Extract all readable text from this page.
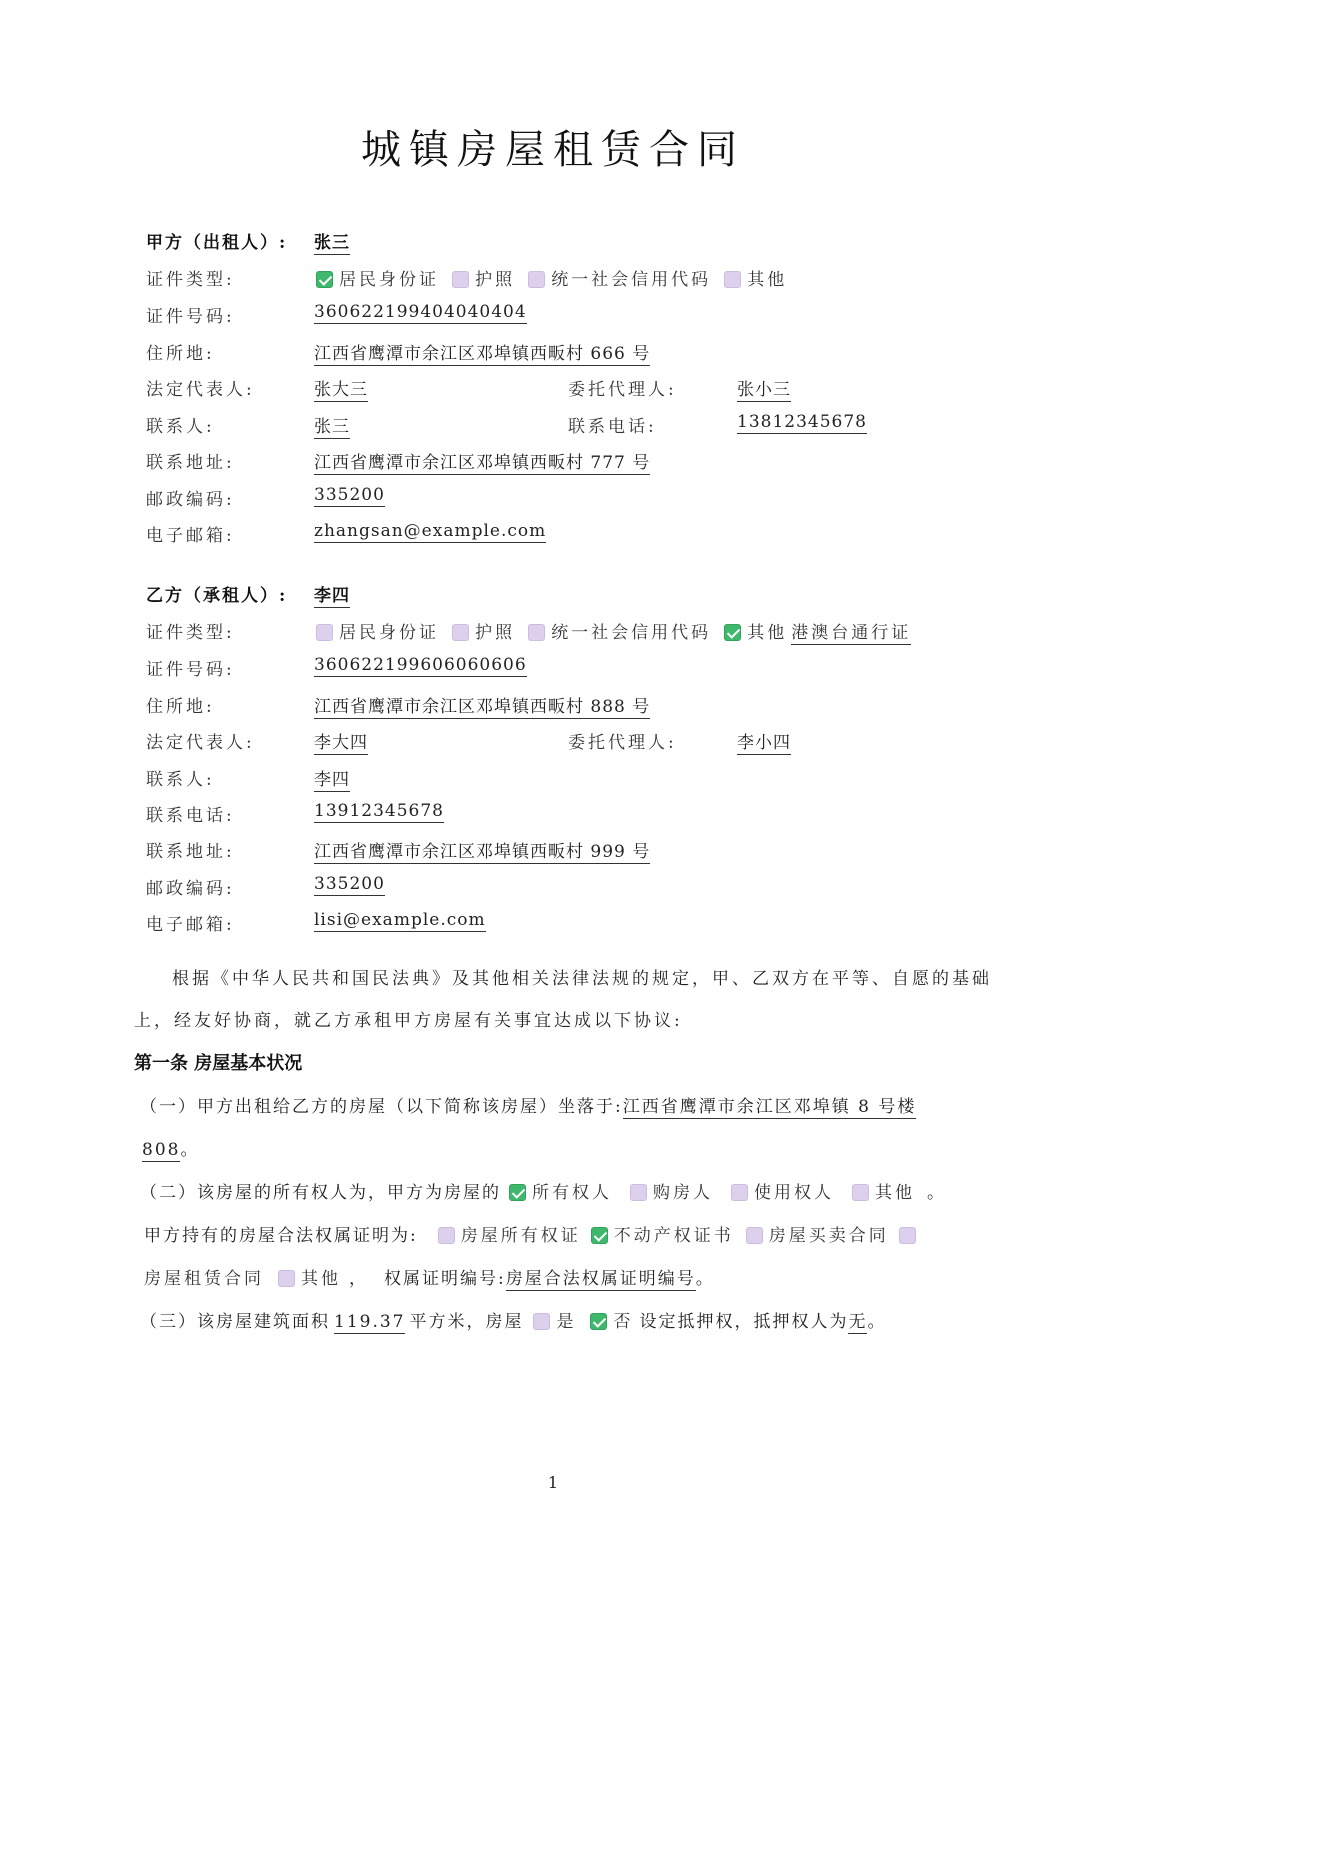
城镇房屋租赁合同
甲方（出租人）: 张三
证件类型:	居民身份证 护照 统一社会信用代码 其他
证件号码:	360622199404040404
住所地:	江西省鹰潭市余江区邓埠镇西畈村 666 号
法定代表人:	张大三	委托代理人:	张小三
联系人:	张三	联系电话:	13812345678
联系地址:	江西省鹰潭市余江区邓埠镇西畈村 777 号
邮政编码:	335200
电子邮箱:	zhangsan@example.com
乙方（承租人）: 李四
证件类型:	居民身份证 护照 统一社会信用代码 其他 港澳台通行证
证件号码:	360622199606060606
住所地:	江西省鹰潭市余江区邓埠镇西畈村 888 号
法定代表人:	李大四	委托代理人:	李小四
联系人:	李四
联系电话:	13912345678
联系地址:	江西省鹰潭市余江区邓埠镇西畈村 999 号
邮政编码:	335200
电子邮箱:	lisi@example.com
根据《中华人民共和国民法典》及其他相关法律法规的规定，甲、乙双方在平等、自愿的基础
上，经友好协商，就乙方承租甲方房屋有关事宜达成以下协议:
第一条 房屋基本状况
（一）甲方出租给乙方的房屋（以下简称该房屋）坐落于:江西省鹰潭市余江区邓埠镇 8 号楼
808。
（二）该房屋的所有权人为，甲方为房屋的 所有权人 购房人 使用权人 其他 。
甲方持有的房屋合法权属证明为:	房屋所有权证 不动产权证书 房屋买卖合同
房屋租赁合同 其他 ， 权属证明编号:房屋合法权属证明编号。
（三）该房屋建筑面积 119.37 平方米，房屋 是 否 设定抵押权，抵押权人为无。
1
